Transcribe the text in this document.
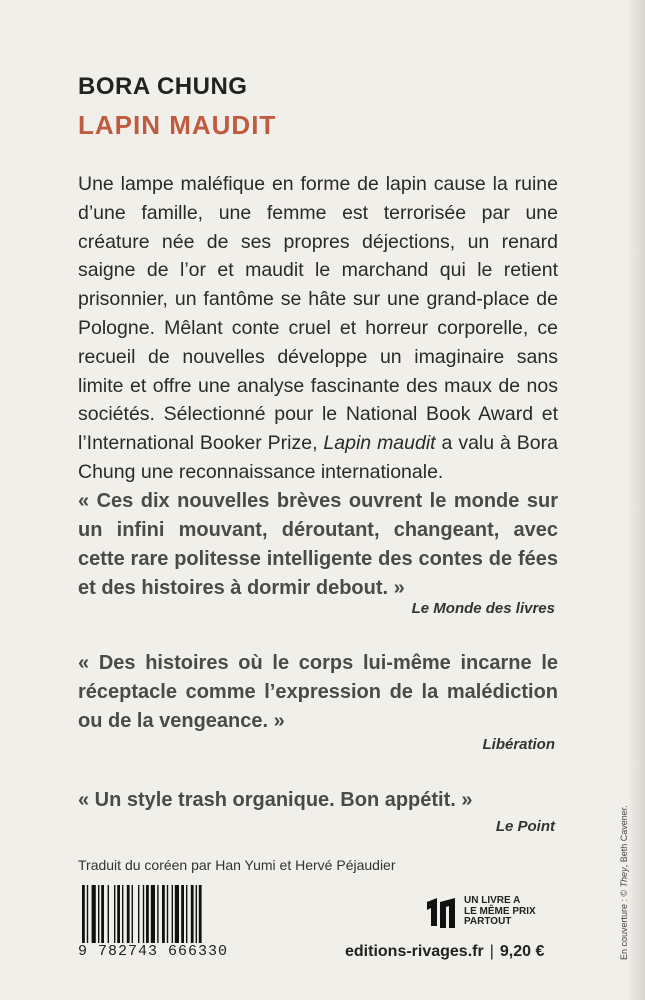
BORA CHUNG
LAPIN MAUDIT
Une lampe maléfique en forme de lapin cause la ruine d’une famille, une femme est terrorisée par une créature née de ses propres déjections, un renard saigne de l’or et maudit le marchand qui le retient prisonnier, un fantôme se hâte sur une grand-place de Pologne. Mêlant conte cruel et horreur corporelle, ce recueil de nouvelles développe un imaginaire sans limite et offre une analyse fascinante des maux de nos sociétés. Sélectionné pour le National Book Award et l’International Booker Prize, Lapin maudit a valu à Bora Chung une reconnaissance internationale.
« Ces dix nouvelles brèves ouvrent le monde sur un infini mouvant, déroutant, changeant, avec cette rare politesse intelligente des contes de fées et des histoires à dormir debout. »
Le Monde des livres
« Des histoires où le corps lui-même incarne le réceptacle comme l’expression de la malédiction ou de la vengeance. »
Libération
« Un style trash organique. Bon appétit. »
Le Point
Traduit du coréen par Han Yumi et Hervé Péjaudier
9 782743 666330
UN LIVRE A
LE MÊME PRIX
PARTOUT
editions-rivages.fr | 9,20 €	En couverture : © They, Beth Cavener.
